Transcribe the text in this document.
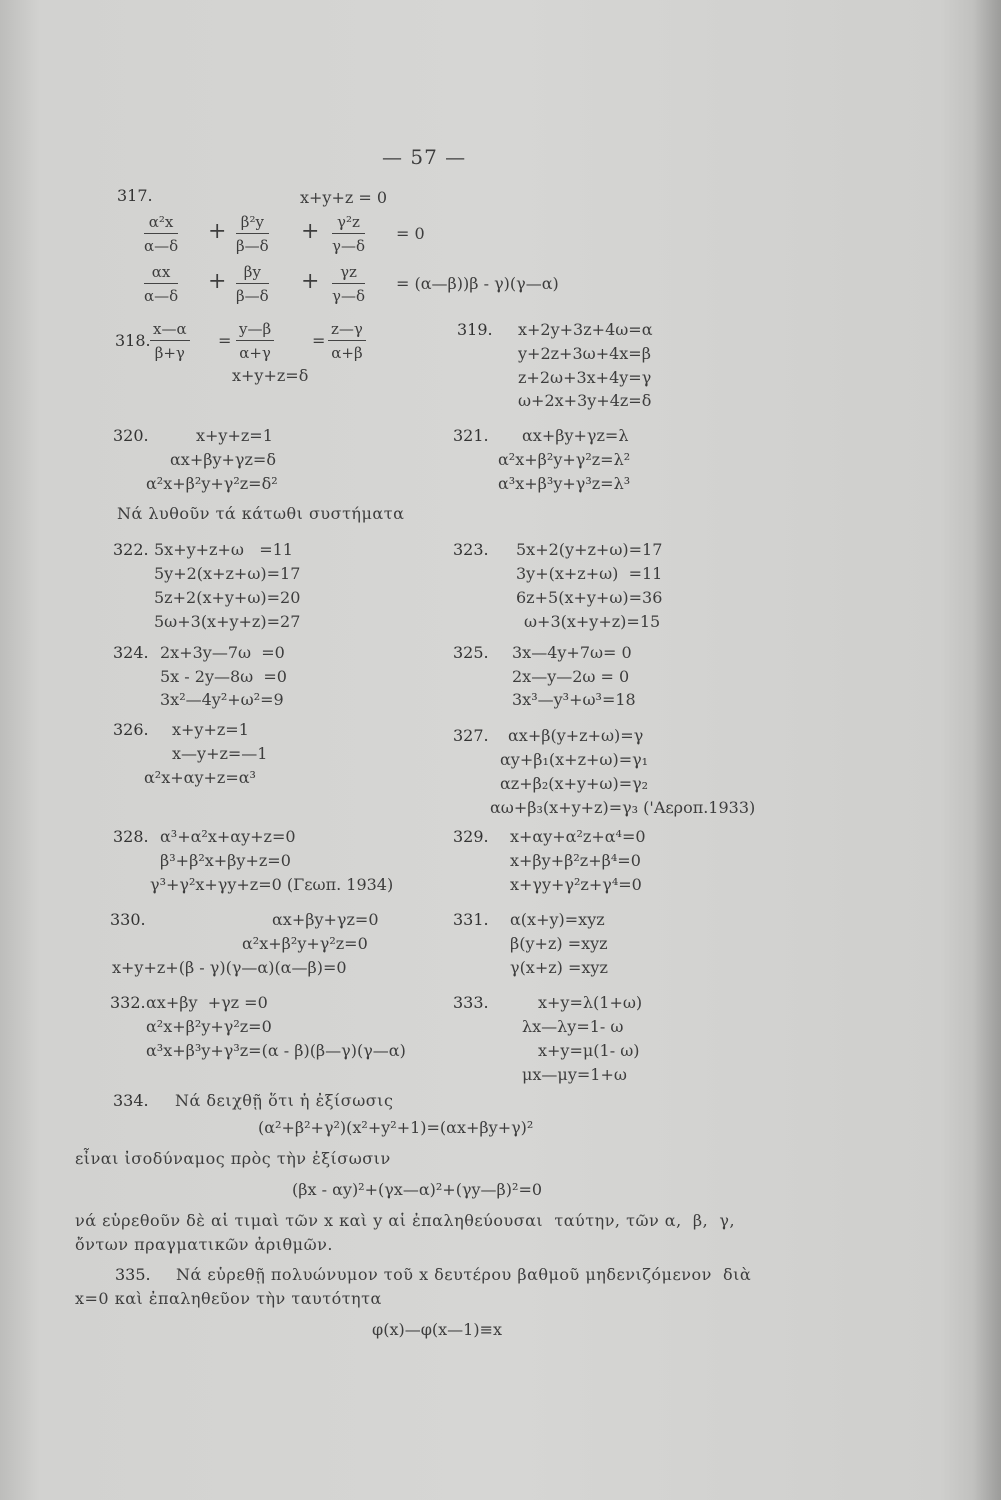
— 57 —
317.	x+y+z = 0
α²x
α—δ
+ β²y
β—δ
+	γ²z
γ—δ
= 0
αx
α—δ
+	βy
β—δ
+	γz
γ—δ
= (α—β))β - γ)(γ—α)
318.
x—α
β+γ
=
y—β
α+γ
=
z—γ
α+β
x+y+z=δ
319. x+2y+3z+4ω=α
y+2z+3ω+4x=β
z+2ω+3x+4y=γ
ω+2x+3y+4z=δ
320.	x+y+z=1
αx+βy+γz=δ
α²x+β²y+γ²z=δ²
321. αx+βy+γz=λ
α²x+β²y+γ²z=λ²
α³x+β³y+γ³z=λ³
Νά λυθοῦν τά κάτωθι συστήματα
322. 5x+y+z+ω   =11
5y+2(x+z+ω)=17
5z+2(x+y+ω)=20
5ω+3(x+y+z)=27
323. 5x+2(y+z+ω)=17
3y+(x+z+ω)  =11
6z+5(x+y+ω)=36
ω+3(x+y+z)=15
324. 2x+3y—7ω  =0
5x - 2y—8ω  =0
3x²—4y²+ω²=9
325. 3x—4y+7ω= 0
2x—y—2ω = 0
3x³—y³+ω³=18
326. x+y+z=1
x—y+z=—1
α²x+αy+z=α³
327. αx+β(y+z+ω)=γ
αy+β₁(x+z+ω)=γ₁
αz+β₂(x+y+ω)=γ₂
αω+β₃(x+y+z)=γ₃ ('Αεροπ.1933)
328. α³+α²x+αy+z=0
β³+β²x+βy+z=0
γ³+γ²x+γy+z=0 (Γεωπ. 1934)
329. x+αy+α²z+α⁴=0
x+βy+β²z+β⁴=0
x+γy+γ²z+γ⁴=0
330.	αx+βy+γz=0
α²x+β²y+γ²z=0
x+y+z+(β - γ)(γ—α)(α—β)=0
331. α(x+y)=xyz
β(y+z) =xyz
γ(x+z) =xyz
332. αx+βy  +γz =0
α²x+β²y+γ²z=0
α³x+β³y+γ³z=(α - β)(β—γ)(γ—α)
333.	x+y=λ(1+ω)
λx—λy=1- ω
x+y=μ(1- ω)
μx—μy=1+ω
334. Νά δειχθῇ ὅτι ἡ ἐξίσωσις
(α²+β²+γ²)(x²+y²+1)=(αx+βy+γ)²
εἶναι ἰσοδύναμος πρὸς τὴν ἐξίσωσιν
(βx - αy)²+(γx—α)²+(γy—β)²=0
νά εὑρεθοῦν δὲ αἱ τιμαὶ τῶν x καὶ y αἱ ἐπαληθεύουσαι  ταύτην, τῶν α,  β,  γ,
ὄντων πραγματικῶν ἀριθμῶν.
335. Νά εὑρεθῇ πολυώνυμον τοῦ x δευτέρου βαθμοῦ μηδενιζόμενον  διὰ
x=0 καὶ ἐπαληθεῦον τὴν ταυτότητα
φ(x)—φ(x—1)≡x
